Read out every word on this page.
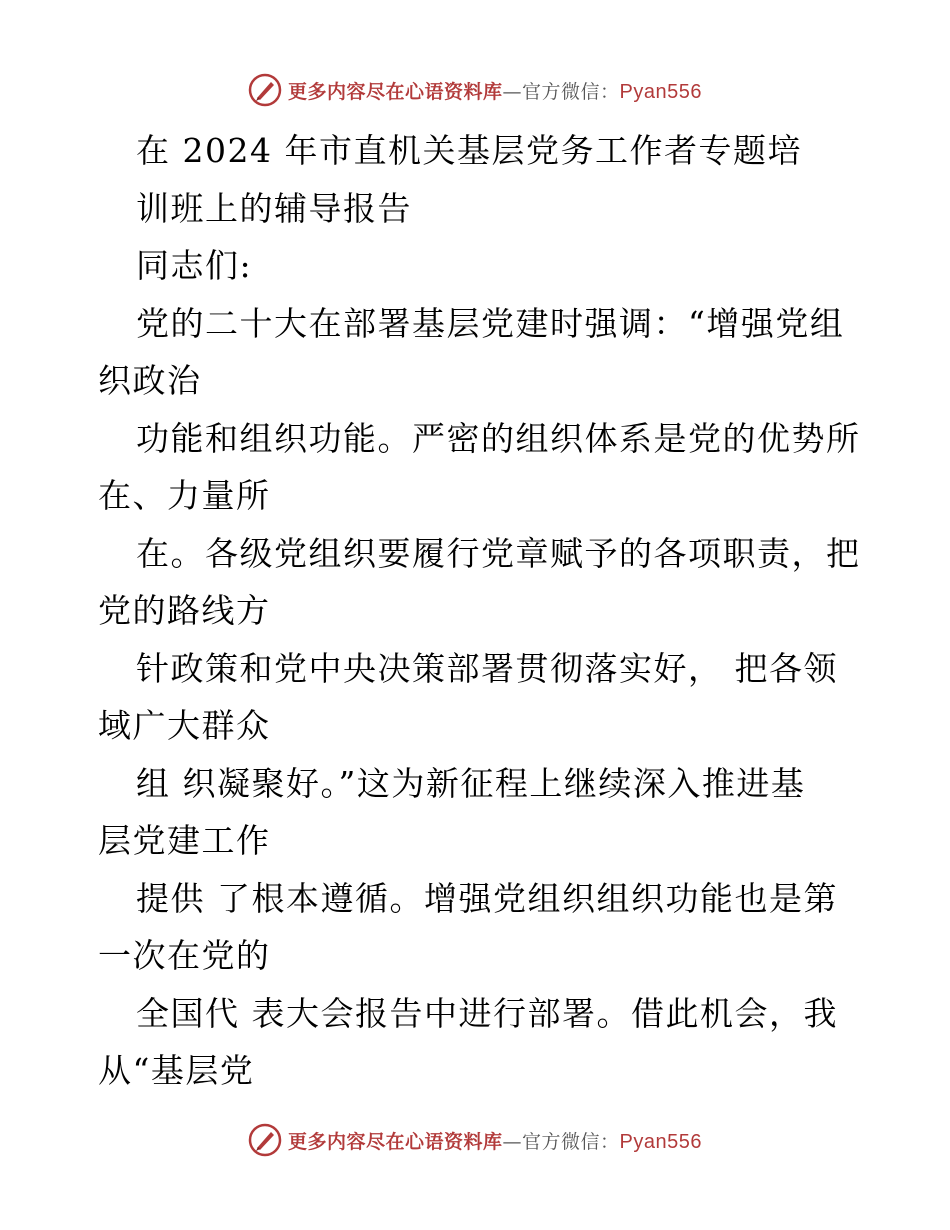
更多内容尽在心语资料库—官方微信：Pyan556
在 2024 年市直机关基层党务工作者专题培
训班上的辅导报告
同志们:
党的二十大在部署基层党建时强调：“增强党组
织政治
功能和组织功能。严密的组织体系是党的优势所
在、力量所
在。各级党组织要履行党章赋予的各项职责，把
党的路线方
针政策和党中央决策部署贯彻落实好， 把各领
域广大群众
组 织凝聚好。”这为新征程上继续深入推进基
层党建工作
提供 了根本遵循。增强党组织组织功能也是第
一次在党的
全国代 表大会报告中进行部署。借此机会，我
从“基层党
更多内容尽在心语资料库—官方微信：Pyan556
